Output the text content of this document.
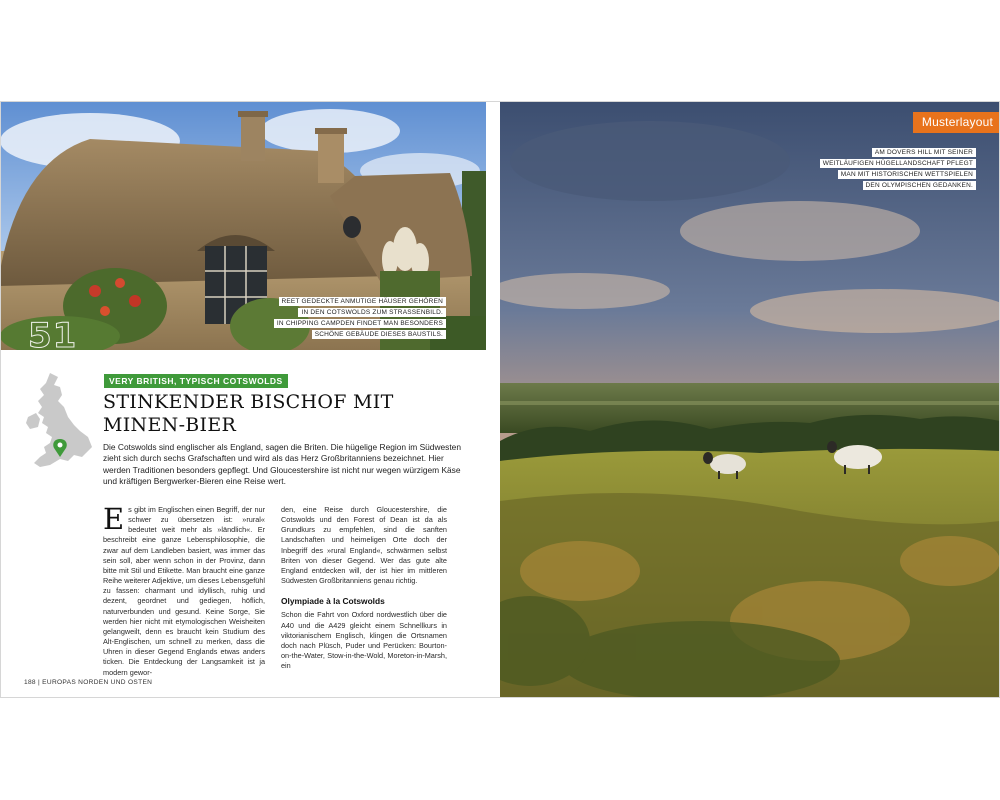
51
REET GEDECKTE ANMUTIGE HÄUSER GEHÖREN
IN DEN COTSWOLDS ZUM STRASSENBILD.
IN CHIPPING CAMPDEN FINDET MAN BESONDERS
SCHÖNE GEBÄUDE DIESES BAUSTILS.
VERY BRITISH, TYPISCH COTSWOLDS
STINKENDER BISCHOF MIT
MINEN-BIER
Die Cotswolds sind englischer als England, sagen die Briten. Die hügelige Region im Südwesten zieht sich durch sechs Grafschaften und wird als das Herz Großbritanniens bezeichnet. Hier werden Traditionen besonders gepflegt. Und Gloucestershire ist nicht nur wegen würzigem Käse und kräftigen Bergwerker-Bieren eine Reise wert.
Es gibt im Englischen einen Begriff, der nur schwer zu übersetzen ist: »rural« bedeutet weit mehr als »ländlich«. Er beschreibt eine ganze Lebensphilosophie, die zwar auf dem Landleben basiert, was immer das sein soll, aber wenn schon in der Provinz, dann bitte mit Stil und Etikette. Man braucht eine ganze Reihe weiterer Adjektive, um dieses Lebensgefühl zu fassen: charmant und idyllisch, ruhig und dezent, geordnet und gediegen, höflich, naturverbunden und gesund. Keine Sorge, Sie werden hier nicht mit etymologischen Weisheiten gelangweilt, denn es braucht kein Studium des Alt-Englischen, um schnell zu merken, dass die Uhren in dieser Gegend Englands etwas anders ticken. Die Entdeckung der Langsamkeit ist ja modern gewor-
den, eine Reise durch Gloucestershire, die Cotswolds und den Forest of Dean ist da als Grundkurs zu empfehlen, sind die sanften Landschaften und heimeligen Orte doch der Inbegriff des »rural England«, schwärmen selbst Briten von dieser Gegend. Wer das gute alte England entdecken will, der ist hier im mittleren Südwesten Großbritanniens genau richtig.
Olympiade à la Cotswolds
Schon die Fahrt von Oxford nordwestlich über die A40 und die A429 gleicht einem Schnellkurs in viktorianischem Englisch, klingen die Ortsnamen doch nach Plüsch, Puder und Perücken: Bourton-on-the-Water, Stow-in-the-Wold, Moreton-in-Marsh, ein
188 | EUROPAS NORDEN UND OSTEN
Musterlayout
AM DOVERS HILL MIT SEINER
WEITLÄUFIGEN HÜGELLANDSCHAFT PFLEGT
MAN MIT HISTORISCHEN WETTSPIELEN
DEN OLYMPISCHEN GEDANKEN.
